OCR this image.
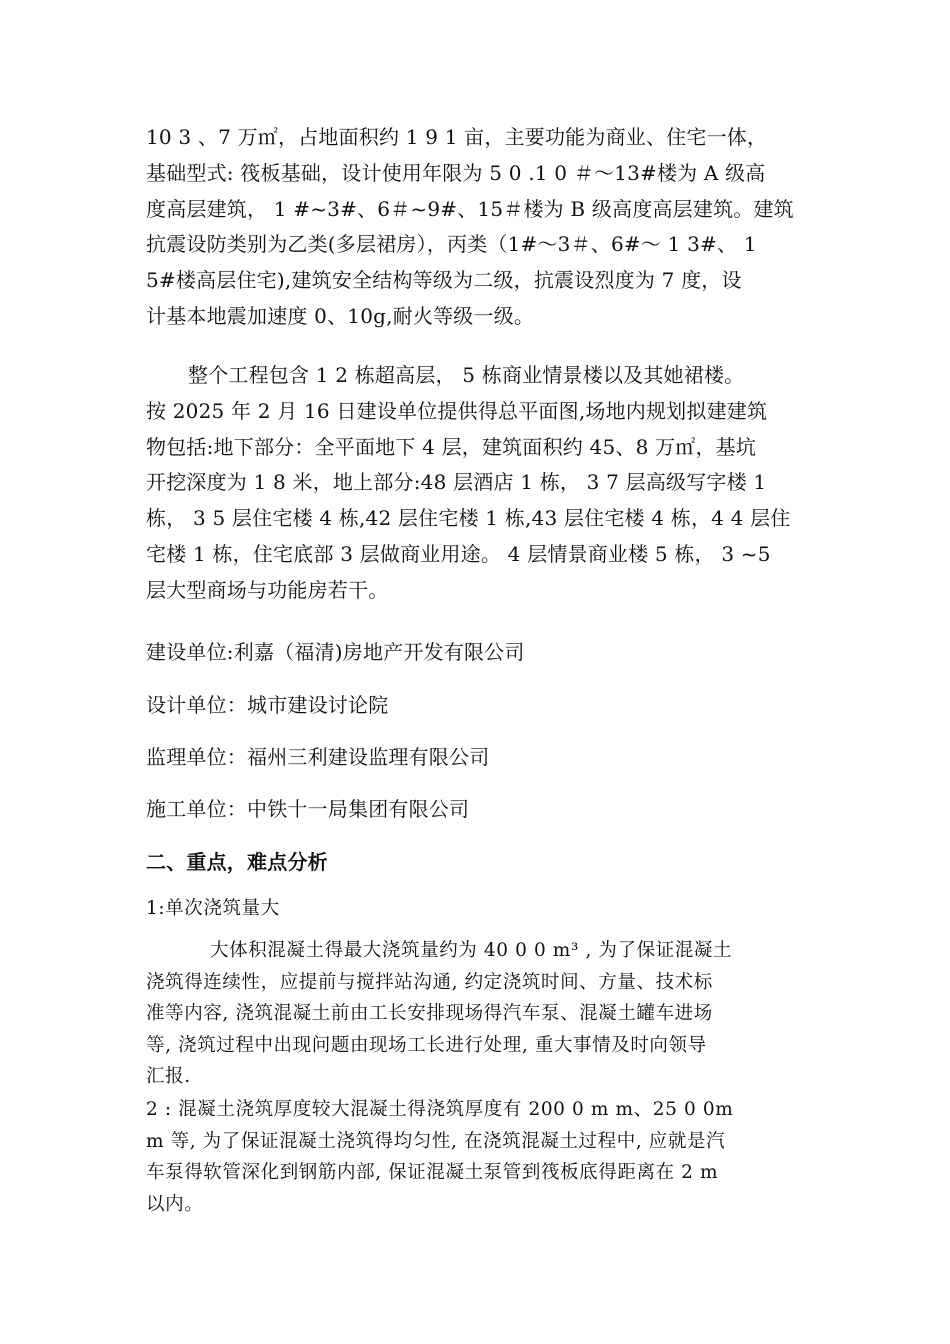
10 3 、7 万㎡，占地面积约 1 9 1 亩，主要功能为商业、住宅一体，
基础型式: 筏板基础，设计使用年限为 5 0 .1 0 ＃～13#楼为 A 级高
度高层建筑， 1 #~3#、6＃~9#、15＃楼为 B 级高度高层建筑。建筑
抗震设防类别为乙类(多层裙房），丙类（1#～3＃、6#～ 1 3#、 1
5#楼高层住宅),建筑安全结构等级为二级，抗震设烈度为 7 度，设
计基本地震加速度 0、10g,耐火等级一级。
整个工程包含 1 2 栋超高层， 5 栋商业情景楼以及其她裙楼。
按 2025 年 2 月 16 日建设单位提供得总平面图,场地内规划拟建建筑
物包括:地下部分：全平面地下 4 层，建筑面积约 45、8 万㎡，基坑
开挖深度为 1 8 米，地上部分:48 层酒店 1 栋， 3 7 层高级写字楼 1
栋， 3 5 层住宅楼 4 栋,42 层住宅楼 1 栋,43 层住宅楼 4 栋，4 4 层住
宅楼 1 栋，住宅底部 3 层做商业用途。 4 层情景商业楼 5 栋， 3 ~5
层大型商场与功能房若干。
建设单位:利嘉（福清)房地产开发有限公司
设计单位：城市建设讨论院
监理单位：福州三利建设监理有限公司
施工单位：中铁十一局集团有限公司
二、重点，难点分析
1:单次浇筑量大
大体积混凝土得最大浇筑量约为 40 0 0 m³ , 为了保证混凝土
浇筑得连续性，应提前与搅拌站沟通, 约定浇筑时间、方量、技术标
准等内容, 浇筑混凝土前由工长安排现场得汽车泵、混凝土罐车进场
等, 浇筑过程中出现问题由现场工长进行处理, 重大事情及时向领导
汇报.
2 : 混凝土浇筑厚度较大混凝土得浇筑厚度有 200 0 m m、25 0 0m
m 等, 为了保证混凝土浇筑得均匀性, 在浇筑混凝土过程中, 应就是汽
车泵得软管深化到钢筋内部, 保证混凝土泵管到筏板底得距离在 2 m
以内。
